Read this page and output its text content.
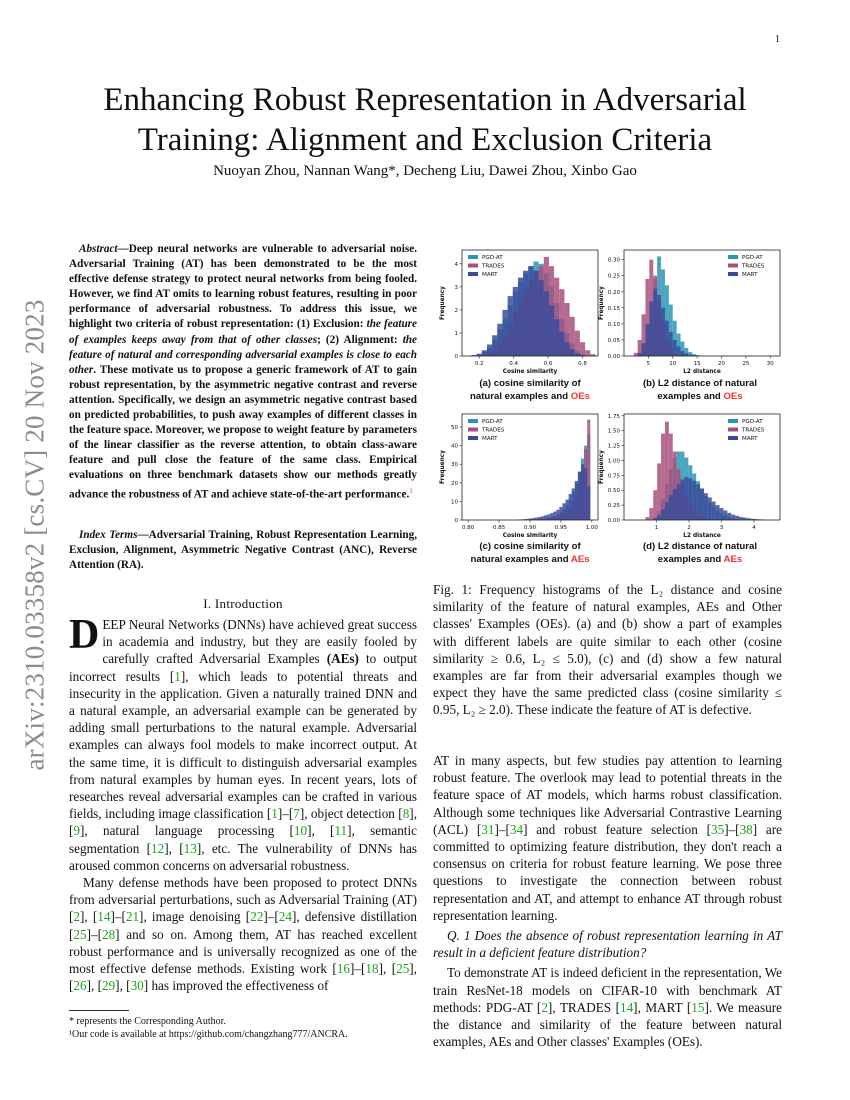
1
arXiv:2310.03358v2 [cs.CV] 20 Nov 2023
Enhancing Robust Representation in Adversarial Training: Alignment and Exclusion Criteria
Nuoyan Zhou, Nannan Wang*, Decheng Liu, Dawei Zhou, Xinbo Gao
Abstract—Deep neural networks are vulnerable to adversarial noise. Adversarial Training (AT) has been demonstrated to be the most effective defense strategy to protect neural networks from being fooled. However, we find AT omits to learning robust features, resulting in poor performance of adversarial robustness. To address this issue, we highlight two criteria of robust representation: (1) Exclusion: the feature of examples keeps away from that of other classes; (2) Alignment: the feature of natural and corresponding adversarial examples is close to each other. These motivate us to propose a generic framework of AT to gain robust representation, by the asymmetric negative contrast and reverse attention. Specifically, we design an asymmetric negative contrast based on predicted probabilities, to push away examples of different classes in the feature space. Moreover, we propose to weight feature by parameters of the linear classifier as the reverse attention, to obtain class-aware feature and pull close the feature of the same class. Empirical evaluations on three benchmark datasets show our methods greatly advance the robustness of AT and achieve state-of-the-art performance.$^1$
Index Terms—Adversarial Training, Robust Representation Learning, Exclusion, Alignment, Asymmetric Negative Contrast (ANC), Reverse Attention (RA).
I. Introduction

DEEP Neural Networks (DNNs) have achieved great success in academia and industry, but they are easily fooled by carefully crafted Adversarial Examples (AEs) to output incorrect results [1], which leads to potential threats and insecurity in the application. Given a naturally trained DNN and a natural example, an adversarial example can be generated by adding small perturbations to the natural example. Adversarial examples can always fool models to make incorrect output. At the same time, it is difficult to distinguish adversarial examples from natural examples by human eyes. In recent years, lots of researches reveal adversarial examples can be crafted in various fields, including image classification [1]–[7], object detection [8], [9], natural language processing [10], [11], semantic segmentation [12], [13], etc. The vulnerability of DNNs has aroused common concerns on adversarial robustness.

Many defense methods have been proposed to protect DNNs from adversarial perturbations, such as Adversarial Training (AT) [2], [14]–[21], image denoising [22]–[24], defensive distillation [25]–[28] and so on. Among them, AT has reached excellent robust performance and is universally recognized as one of the most effective defense methods. Existing work [16]–[18], [25], [26], [29], [30] has improved the effectiveness of

* represents the Corresponding Author.
¹Our code is available at https://github.com/changzhang777/ANCRA.
0.2	0.4	0.6	0.8
0
1
2
3
4
Cosine similarity
Frequency
PGD-AT
TRADES
MART
5	10	15	20	25	30
0.00
0.05
0.10
0.15
0.20
0.25
0.30
L2 distance
Frequency
PGD-AT
TRADES
MART
0.80	0.85	0.90	0.95	1.00
0
10
20
30
40
50
Cosine similarity
Frequency
PGD-AT
TRADES
MART
1	2	3	4
0.00
0.25
0.50
0.75
1.00
1.25
1.50
1.75
L2 distance
Frequency
PGD-AT
TRADES
MART
(a) cosine similarity of
natural examples and OEs
(b) L2 distance of natural
examples and OEs
(c) cosine similarity of
natural examples and AEs
(d) L2 distance of natural
examples and AEs
Fig. 1: Frequency histograms of the L₂ distance and cosine similarity of the feature of natural examples, AEs and Other classes' Examples (OEs). (a) and (b) show a part of examples with different labels are quite similar to each other (cosine similarity ≥ 0.6, L₂ ≤ 5.0), (c) and (d) show a few natural examples are far from their adversarial examples though we expect they have the same predicted class (cosine similarity ≤ 0.95, L₂ ≥ 2.0). These indicate the feature of AT is defective.

AT in many aspects, but few studies pay attention to learning robust feature. The overlook may lead to potential threats in the feature space of AT models, which harms robust classification. Although some techniques like Adversarial Contrastive Learning (ACL) [31]–[34] and robust feature selection [35]–[38] are committed to optimizing feature distribution, they don't reach a consensus on criteria for robust feature learning. We pose three questions to investigate the connection between robust representation and AT, and attempt to enhance AT through robust representation learning.

Q. 1 Does the absence of robust representation learning in AT result in a deficient feature distribution?

To demonstrate AT is indeed deficient in the representation, We train ResNet-18 models on CIFAR-10 with benchmark AT methods: PDG-AT [2], TRADES [14], MART [15]. We measure the distance and similarity of the feature between natural examples, AEs and Other classes' Examples (OEs).
